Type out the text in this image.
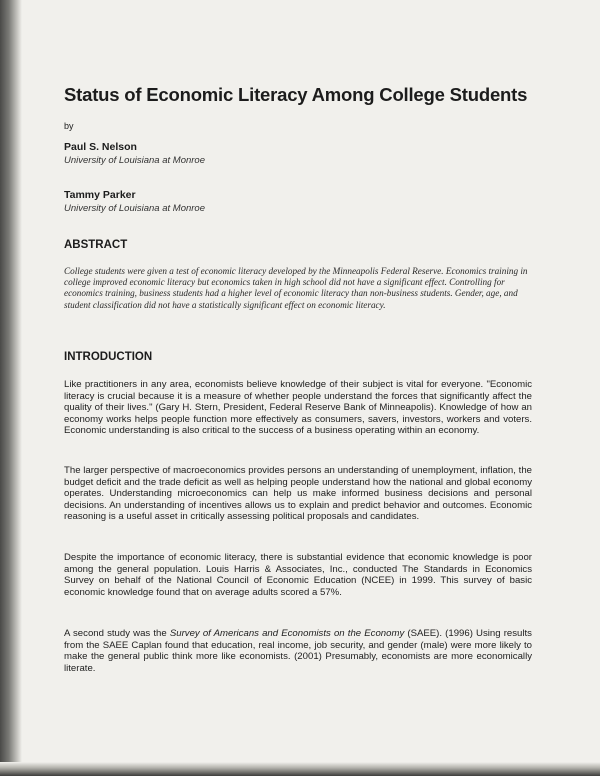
Status of Economic Literacy Among College Students
by
Paul S. Nelson
University of Louisiana at Monroe
Tammy Parker
University of Louisiana at Monroe
ABSTRACT

College students were given a test of economic literacy developed by the Minneapolis Federal Reserve. Economics training in college improved economic literacy but economics taken in high school did not have a significant effect. Controlling for economics training, business students had a higher level of economic literacy than non-business students. Gender, age, and student classification did not have a statistically significant effect on economic literacy.

INTRODUCTION

Like practitioners in any area, economists believe knowledge of their subject is vital for everyone. "Economic literacy is crucial because it is a measure of whether people understand the forces that significantly affect the quality of their lives." (Gary H. Stern, President, Federal Reserve Bank of Minneapolis). Knowledge of how an economy works helps people function more effectively as consumers, savers, investors, workers and voters. Economic understanding is also critical to the success of a business operating within an economy.

The larger perspective of macroeconomics provides persons an understanding of unemployment, inflation, the budget deficit and the trade deficit as well as helping people understand how the national and global economy operates. Understanding microeconomics can help us make informed business decisions and personal decisions. An understanding of incentives allows us to explain and predict behavior and outcomes. Economic reasoning is a useful asset in critically assessing political proposals and candidates.

Despite the importance of economic literacy, there is substantial evidence that economic knowledge is poor among the general population. Louis Harris & Associates, Inc., conducted The Standards in Economics Survey on behalf of the National Council of Economic Education (NCEE) in 1999. This survey of basic economic knowledge found that on average adults scored a 57%.

A second study was the Survey of Americans and Economists on the Economy (SAEE). (1996) Using results from the SAEE Caplan found that education, real income, job security, and gender (male) were more likely to make the general public think more like economists. (2001) Presumably, economists are more economically literate.
